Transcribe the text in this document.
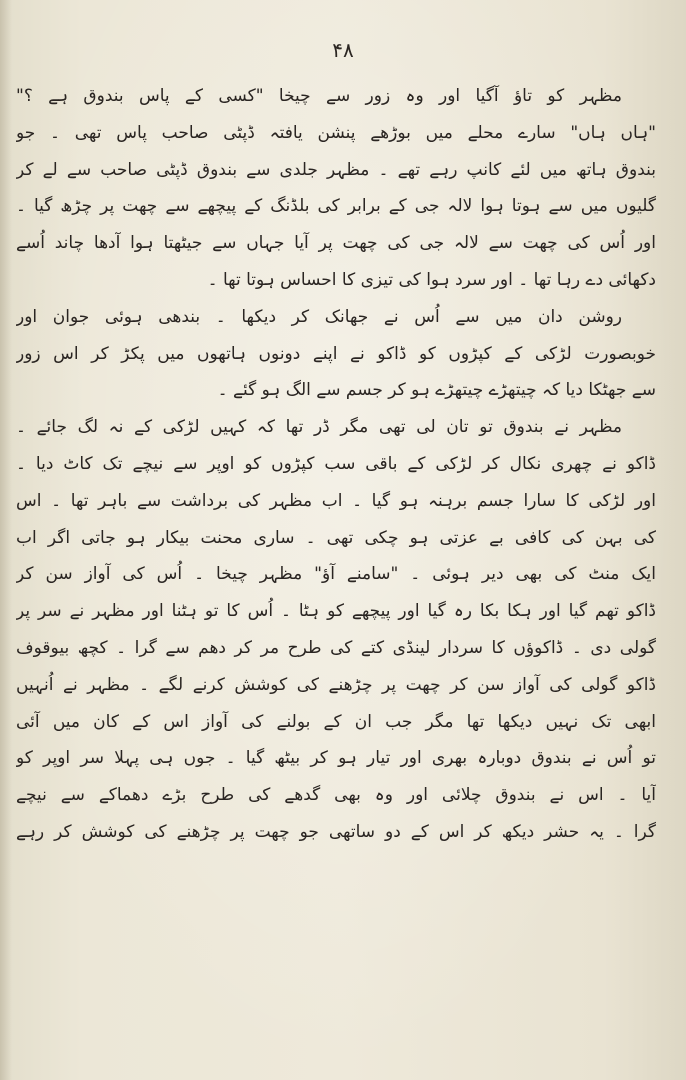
۴۸
مظہر کو تاؤ آگیا اور وہ زور سے چیخا "کسی کے پاس بندوق ہے ؟"
"ہاں ہاں" سارے محلے میں بوڑھے پنشن یافتہ ڈپٹی صاحب پاس تھی ۔ جو
بندوق ہاتھ میں لئے کانپ رہے تھے ۔ مظہر جلدی سے بندوق ڈپٹی صاحب سے لے کر
گلیوں میں سے ہوتا ہوا لالہ جی کے برابر کی بلڈنگ کے پیچھے سے چھت پر چڑھ گیا ۔
اور اُس کی چھت سے لالہ جی کی چھت پر آیا جہاں سے جیٹھتا ہوا آدھا چاند اُسے
دکھائی دے رہا تھا ۔ اور سرد ہوا کی تیزی کا احساس ہوتا تھا ۔
روشن دان میں سے اُس نے جھانک کر دیکھا ۔ بندھی ہوئی جوان اور
خوبصورت لڑکی کے کپڑوں کو ڈاکو نے اپنے دونوں ہاتھوں میں پکڑ کر اس زور
سے جھٹکا دیا کہ چیتھڑے چیتھڑے ہو کر جسم سے الگ ہو گئے ۔
مظہر نے بندوق تو تان لی تھی مگر ڈر تھا کہ کہیں لڑکی کے نہ لگ جائے ۔
ڈاکو نے چھری نکال کر لڑکی کے باقی سب کپڑوں کو اوپر سے نیچے تک کاٹ دیا ۔
اور لڑکی کا سارا جسم برہنہ ہو گیا ۔ اب مظہر کی برداشت سے باہر تھا ۔ اس
کی بہن کی کافی بے عزتی ہو چکی تھی ۔ ساری محنت بیکار ہو جاتی اگر اب
ایک منٹ کی بھی دیر ہوئی ۔ "سامنے آؤ" مظہر چیخا ۔ اُس کی آواز سن کر
ڈاکو تھم گیا اور ہکا بکا رہ گیا اور پیچھے کو ہٹا ۔ اُس کا تو ہٹنا اور مظہر نے سر پر
گولی دی ۔ ڈاکوؤں کا سردار لینڈی کتے کی طرح مر کر دھم سے گرا ۔ کچھ بیوقوف
ڈاکو گولی کی آواز سن کر چھت پر چڑھنے کی کوشش کرنے لگے ۔ مظہر نے اُنہیں
ابھی تک نہیں دیکھا تھا مگر جب ان کے بولنے کی آواز اس کے کان میں آئی
تو اُس نے بندوق دوبارہ بھری اور تیار ہو کر بیٹھ گیا ۔ جوں ہی پہلا سر اوپر کو
آیا ۔ اس نے بندوق چلائی اور وہ بھی گدھے کی طرح بڑے دھماکے سے نیچے
گرا ۔ یہ حشر دیکھ کر اس کے دو ساتھی جو چھت پر چڑھنے کی کوشش کر رہے
